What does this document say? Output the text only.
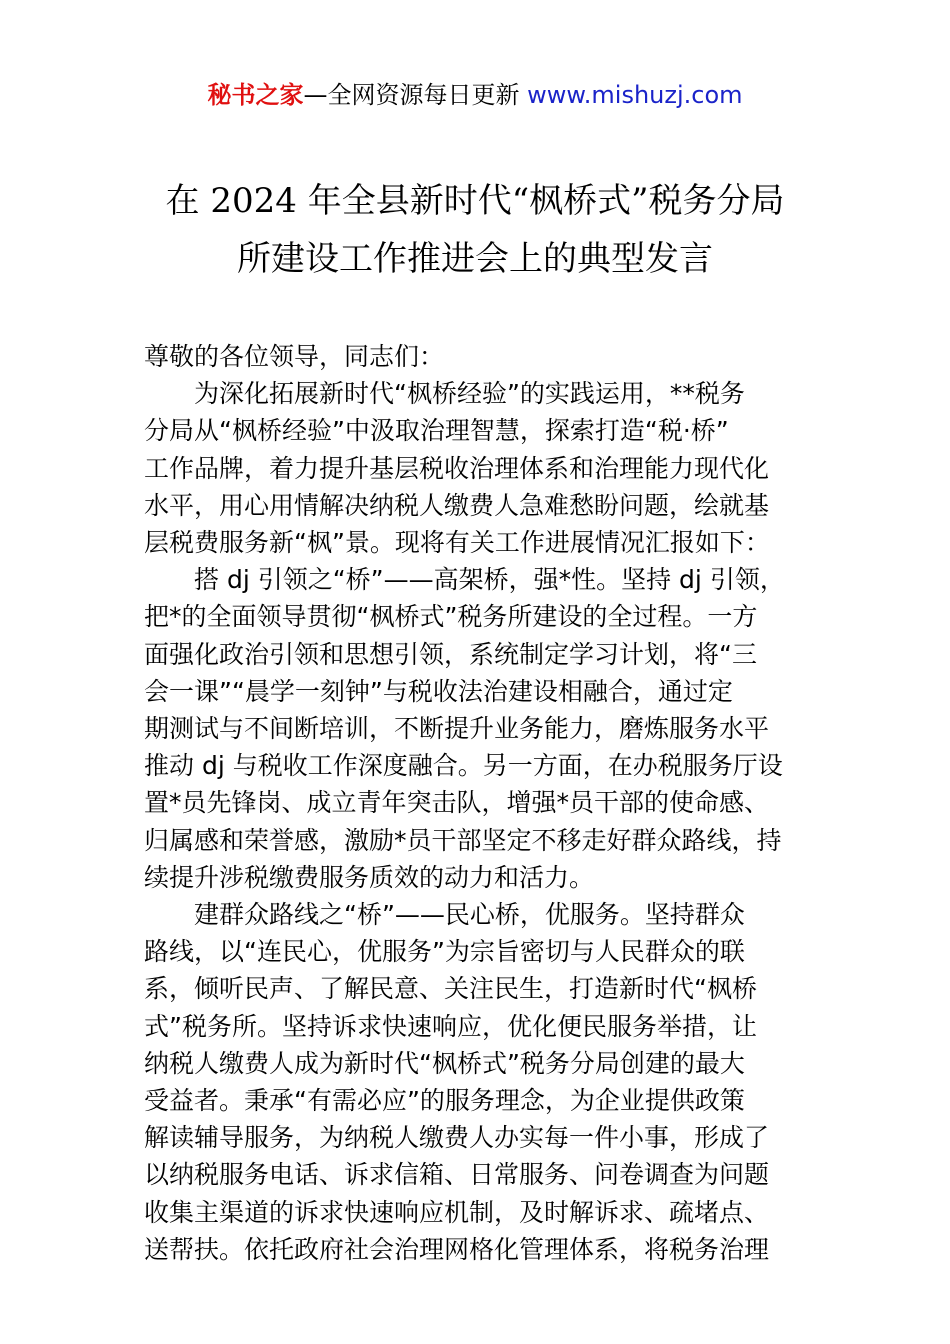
秘书之家—全网资源每日更新 www.mishuzj.com
在 2024 年全县新时代“枫桥式”税务分局
所建设工作推进会上的典型发言

尊敬的各位领导，同志们：

为深化拓展新时代“枫桥经验”的实践运用，**税务
分局从“枫桥经验”中汲取治理智慧，探索打造“税·桥”
工作品牌，着力提升基层税收治理体系和治理能力现代化
水平，用心用情解决纳税人缴费人急难愁盼问题，绘就基
层税费服务新“枫”景。现将有关工作进展情况汇报如下：

搭 dj 引领之“桥”——高架桥，强*性。坚持 dj 引领，
把*的全面领导贯彻“枫桥式”税务所建设的全过程。一方
面强化政治引领和思想引领，系统制定学习计划，将“三
会一课”“晨学一刻钟”与税收法治建设相融合，通过定
期测试与不间断培训，不断提升业务能力，磨炼服务水平
推动 dj 与税收工作深度融合。另一方面，在办税服务厅设
置*员先锋岗、成立青年突击队，增强*员干部的使命感、
归属感和荣誉感，激励*员干部坚定不移走好群众路线，持
续提升涉税缴费服务质效的动力和活力。

建群众路线之“桥”——民心桥，优服务。坚持群众
路线，以“连民心，优服务”为宗旨密切与人民群众的联
系，倾听民声、了解民意、关注民生，打造新时代“枫桥
式”税务所。坚持诉求快速响应，优化便民服务举措，让
纳税人缴费人成为新时代“枫桥式”税务分局创建的最大
受益者。秉承“有需必应”的服务理念，为企业提供政策
解读辅导服务，为纳税人缴费人办实每一件小事，形成了
以纳税服务电话、诉求信箱、日常服务、问卷调查为问题
收集主渠道的诉求快速响应机制，及时解诉求、疏堵点、
送帮扶。依托政府社会治理网格化管理体系，将税务治理
